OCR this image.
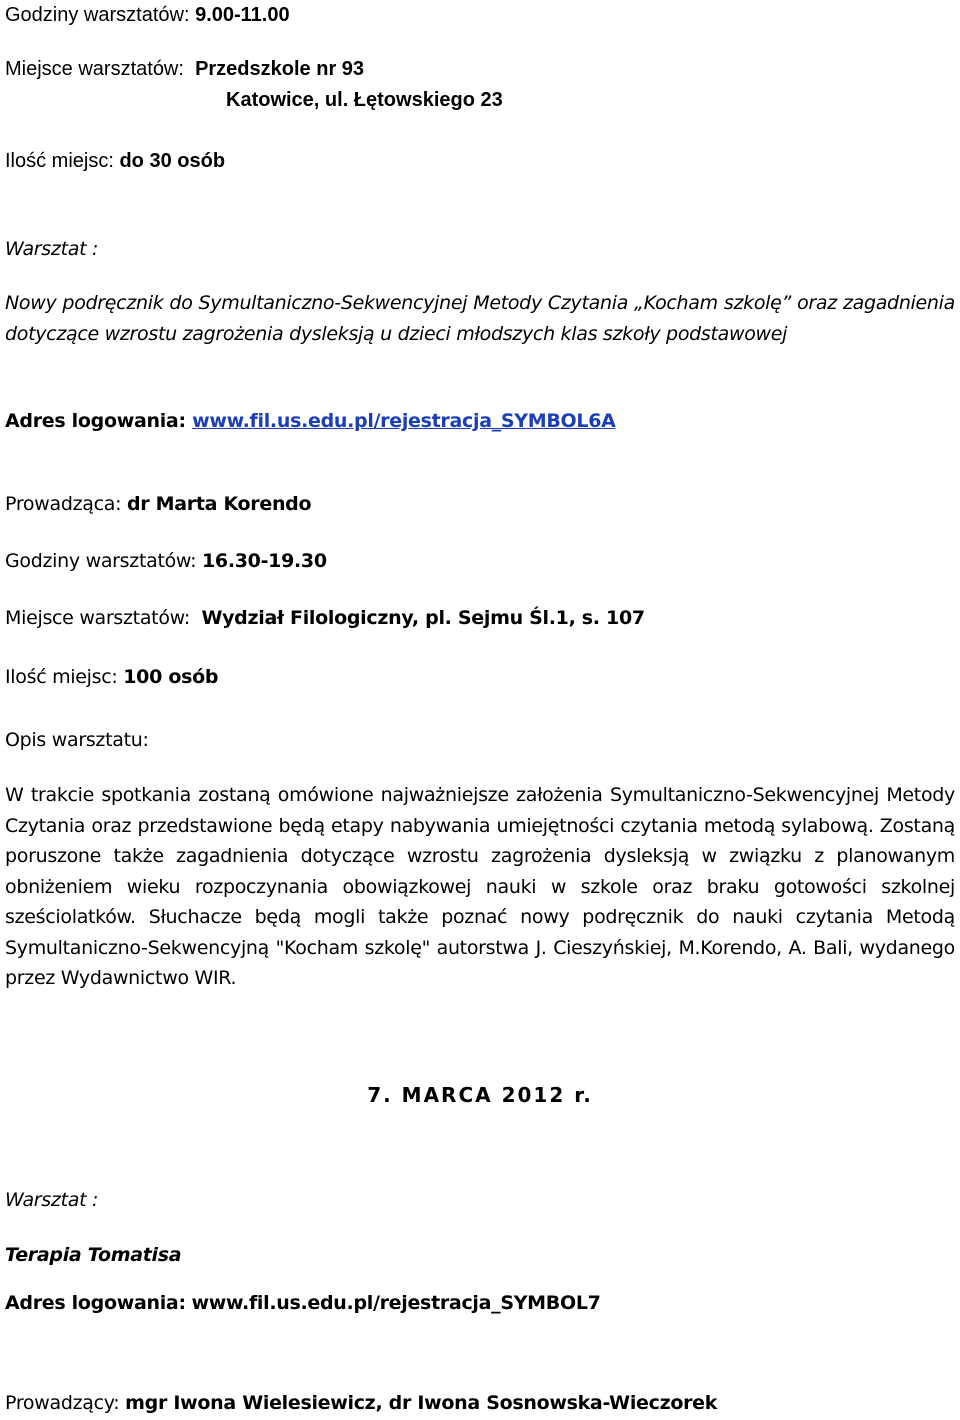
Godziny warsztatów: 9.00-11.00
Miejsce warsztatów: Przedszkole nr 93
Katowice, ul. Łętowskiego 23
Ilość miejsc: do 30 osób
Warsztat :
Nowy podręcznik do Symultaniczno-Sekwencyjnej Metody Czytania „Kocham szkolę” oraz zagadnienia dotyczące wzrostu zagrożenia dysleksją u dzieci młodszych klas szkoły podstawowej
Adres logowania: www.fil.us.edu.pl/rejestracja_SYMBOL6A
Prowadząca: dr Marta Korendo
Godziny warsztatów: 16.30-19.30
Miejsce warsztatów: Wydział Filologiczny, pl. Sejmu Śl.1, s. 107
Ilość miejsc: 100 osób
Opis warsztatu:
W trakcie spotkania zostaną omówione najważniejsze założenia Symultaniczno-Sekwencyjnej Metody Czytania oraz przedstawione będą etapy nabywania umiejętności czytania metodą sylabową. Zostaną poruszone także zagadnienia dotyczące wzrostu zagrożenia dysleksją w związku z planowanym obniżeniem wieku rozpoczynania obowiązkowej nauki w szkole oraz braku gotowości szkolnej sześciolatków. Słuchacze będą mogli także poznać nowy podręcznik do nauki czytania Metodą Symultaniczno-Sekwencyjną "Kocham szkolę" autorstwa J. Cieszyńskiej, M.Korendo, A. Bali, wydanego przez Wydawnictwo WIR.
7. MARCA 2012 r.
Warsztat :
Terapia Tomatisa
Adres logowania: www.fil.us.edu.pl/rejestracja_SYMBOL7
Prowadzący: mgr Iwona Wielesiewicz, dr Iwona Sosnowska-Wieczorek
